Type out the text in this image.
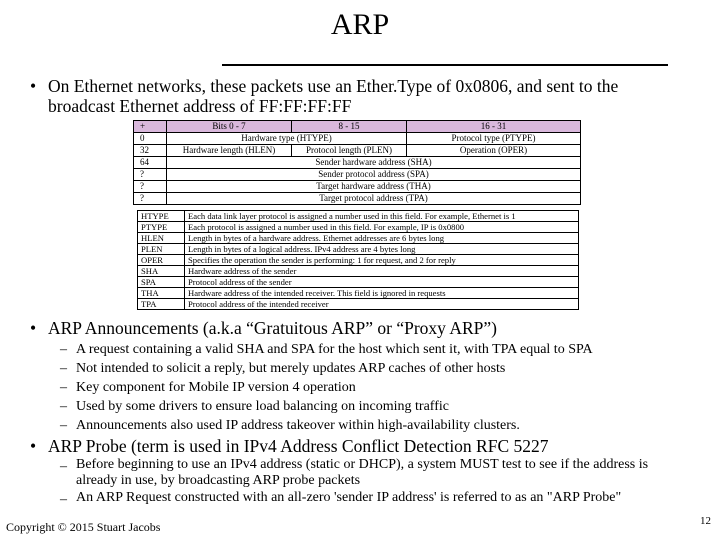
ARP
• On Ethernet networks, these packets use an Ether.Type of 0x0806, and sent to the broadcast Ethernet address of FF:FF:FF:FF
+	Bits 0 - 7	8 - 15	16 - 31
0	Hardware type (HTYPE)		Protocol type (PTYPE)
32	Hardware length (HLEN)	Protocol length (PLEN)	Operation (OPER)
64	Sender hardware address (SHA)		
?	Sender protocol address (SPA)		
?	Target hardware address (THA)		
?	Target protocol address (TPA)		
HTYPE	Each data link layer protocol is assigned a number used in this field. For example, Ethernet is 1
PTYPE	Each protocol is assigned a number used in this field. For example, IP is 0x0800
HLEN	Length in bytes of a hardware address. Ethernet addresses are 6 bytes long
PLEN	Length in bytes of a logical address. IPv4 address are 4 bytes long
OPER	Specifies the operation the sender is performing: 1 for request, and 2 for reply
SHA	Hardware address of the sender
SPA	Protocol address of the sender
THA	Hardware address of the intended receiver. This field is ignored in requests
TPA	Protocol address of the intended receiver
• ARP Announcements (a.k.a “Gratuitous ARP” or “Proxy ARP”)
– A request containing a valid SHA and SPA for the host which sent it, with TPA equal to SPA
– Not intended to solicit a reply, but merely updates ARP caches of other hosts
– Key component for Mobile IP version 4 operation
– Used by some drivers to ensure load balancing on incoming traffic
– Announcements also used IP address takeover within high-availability clusters.
• ARP Probe (term is used in IPv4 Address Conflict Detection RFC 5227
– Before beginning to use an IPv4 address (static or DHCP), a system MUST test to see if the address is already in use, by broadcasting ARP probe packets
– An ARP Request constructed with an all-zero 'sender IP address' is referred to as an "ARP Probe"
Copyright © 2015 Stuart Jacobs	12
